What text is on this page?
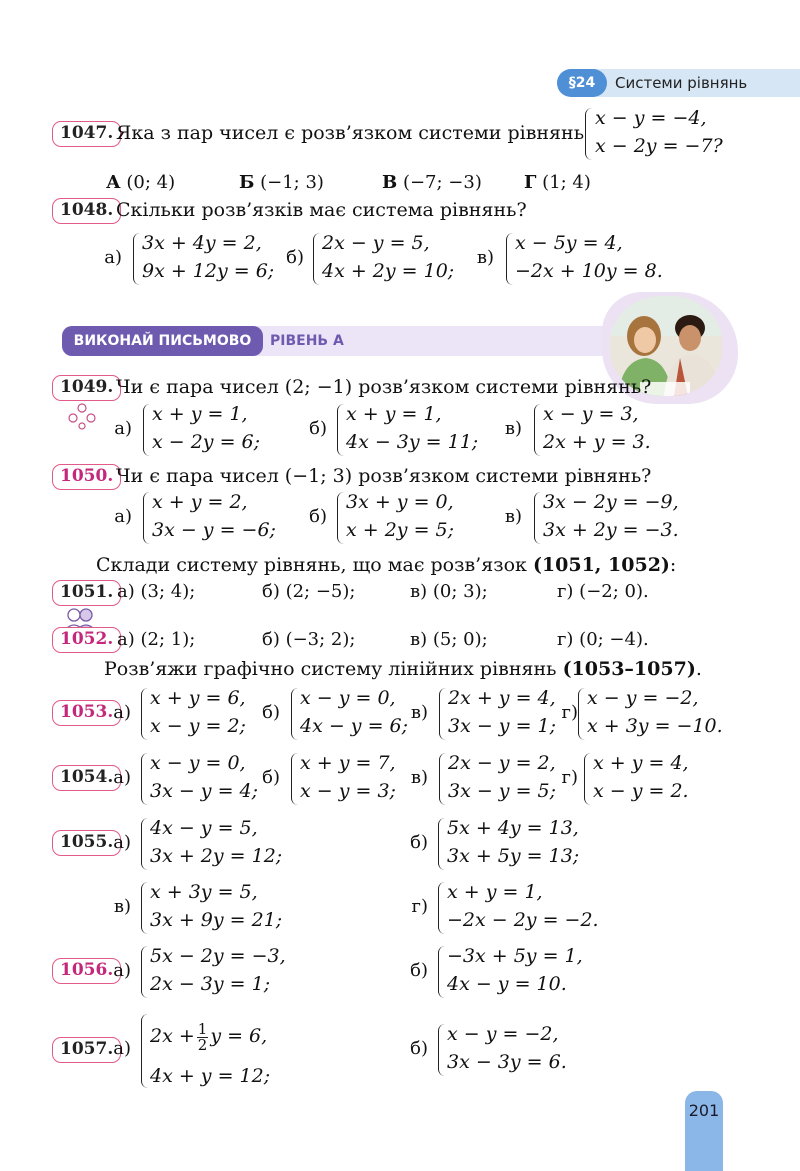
§24	Системи рівнянь
1047. Яка з пар чисел є розв’язком системи рівнянь
x − y = −4,
x − 2y = −7?
А (0; 4)	Б (−1; 3)	В (−7; −3) Г (1; 4)
1048. Скільки розв’язків має система рівнянь?
а)
3x + 4y = 2,
9x + 12y = 6;
б)
2x − y = 5,
4x + 2y = 10;
в)
x − 5y = 4,
−2x + 10y = 8.
ВИКОНАЙ ПИСЬМОВО	РІВЕНЬ А
1049. Чи є пара чисел (2; −1) розв’язком системи рівнянь?
а)
x + y = 1,
x − 2y = 6;
б)
x + y = 1,
4x − 3y = 11;
в)
x − y = 3,
2x + y = 3.
1050. Чи є пара чисел (−1; 3) розв’язком системи рівнянь?
а)
x + y = 2,
3x − y = −6;
б)
3x + y = 0,
x + 2y = 5;
в)
3x − 2y = −9,
3x + 2y = −3.
Склади систему рівнянь, що має розв’язок (1051, 1052):
1051. а) (3; 4);	б) (2; −5);	в) (0; 3);	г) (−2; 0).
1052. а) (2; 1);	б) (−3; 2);	в) (5; 0);	г) (0; −4).
Розв’яжи графічно систему лінійних рівнянь (1053–1057).
1053. а)
x + y = 6,
x − y = 2;
б)
x − y = 0,
4x − y = 6;
в)
2x + y = 4,
3x − y = 1;
г)
x − y = −2,
x + 3y = −10.
1054. а)
x − y = 0,
3x − y = 4;
б)
x + y = 7,
x − y = 3;
в)
2x − y = 2,
3x − y = 5;
г)
x + y = 4,
x − y = 2.
1055. а)
4x − y = 5,
3x + 2y = 12;
б)
5x + 4y = 13,
3x + 5y = 13;
в)
x + 3y = 5,
3x + 9y = 21;
г)
x + y = 1,
−2x − 2y = −2.
1056. а)
5x − 2y = −3,
2x − 3y = 1;
б)
−3x + 5y = 1,
4x − y = 10.
1057. а)
$2x + \frac{1}{2}$ y = 6,
4x + y = 12;
б)
x − y = −2,
3x − 3y = 6.
201
